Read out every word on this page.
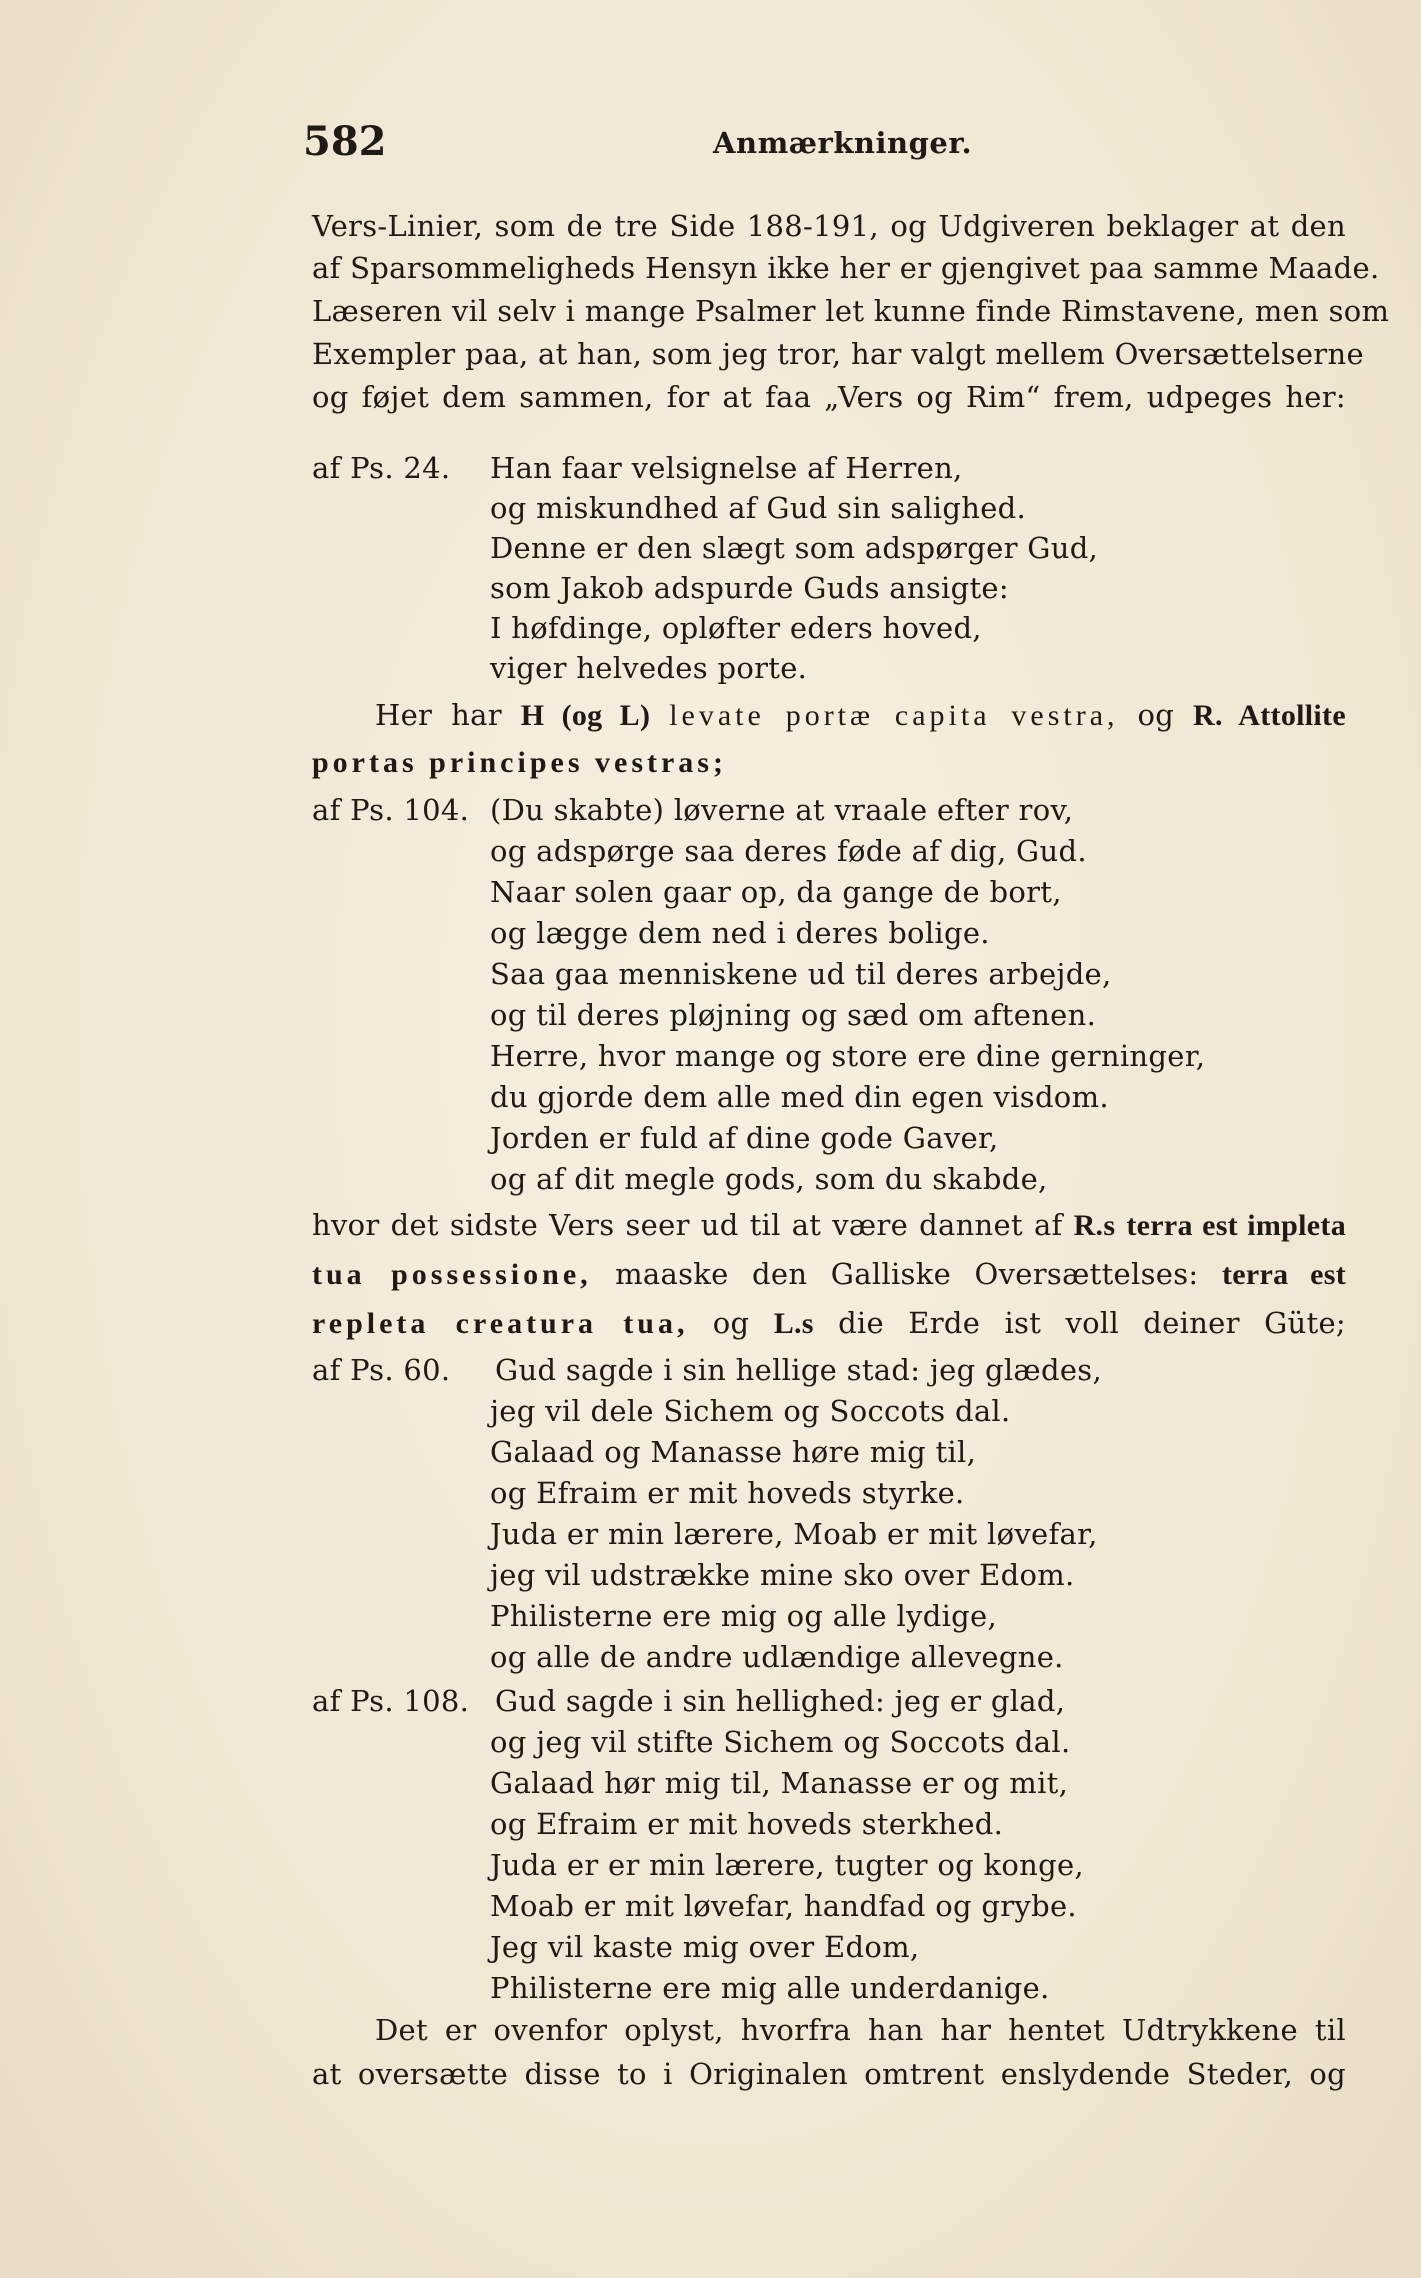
582	Anmærkninger.
Vers-Linier, som de tre Side 188-191, og Udgiveren beklager at den
af Sparsommeligheds Hensyn ikke her er gjengivet paa samme Maade.
Læseren vil selv i mange Psalmer let kunne finde Rimstavene, men som
Exempler paa, at han, som jeg tror, har valgt mellem Oversættelserne
og føjet dem sammen, for at faa „Vers og Rim“ frem, udpeges her:
af Ps. 24.	Han faar velsignelse af Herren,
og miskundhed af Gud sin salighed.
Denne er den slægt som adspørger Gud,
som Jakob adspurde Guds ansigte:
I høfdinge, opløfter eders hoved,
viger helvedes porte.
Her har H (og L) levate portæ capita vestra, og R. Attollite
portas principes vestras;
af Ps. 104. (Du skabte) løverne at vraale efter rov,
og adspørge saa deres føde af dig, Gud.
Naar solen gaar op, da gange de bort,
og lægge dem ned i deres bolige.
Saa gaa menniskene ud til deres arbejde,
og til deres pløjning og sæd om aftenen.
Herre, hvor mange og store ere dine gerninger,
du gjorde dem alle med din egen visdom.
Jorden er fuld af dine gode Gaver,
og af dit megle gods, som du skabde,
hvor det sidste Vers seer ud til at være dannet af R.s terra est impleta
tua possessione, maaske den Galliske Oversættelses: terra est
repleta creatura tua, og L.s die Erde ist voll deiner Güte;
af Ps. 60.	Gud sagde i sin hellige stad: jeg glædes,
jeg vil dele Sichem og Soccots dal.
Galaad og Manasse høre mig til,
og Efraim er mit hoveds styrke.
Juda er min lærere, Moab er mit løvefar,
jeg vil udstrække mine sko over Edom.
Philisterne ere mig og alle lydige,
og alle de andre udlændige allevegne.
af Ps. 108. Gud sagde i sin hellighed: jeg er glad,
og jeg vil stifte Sichem og Soccots dal.
Galaad hør mig til, Manasse er og mit,
og Efraim er mit hoveds sterkhed.
Juda er er min lærere, tugter og konge,
Moab er mit løvefar, handfad og grybe.
Jeg vil kaste mig over Edom,
Philisterne ere mig alle underdanige.
Det er ovenfor oplyst, hvorfra han har hentet Udtrykkene til
at oversætte disse to i Originalen omtrent enslydende Steder, og
